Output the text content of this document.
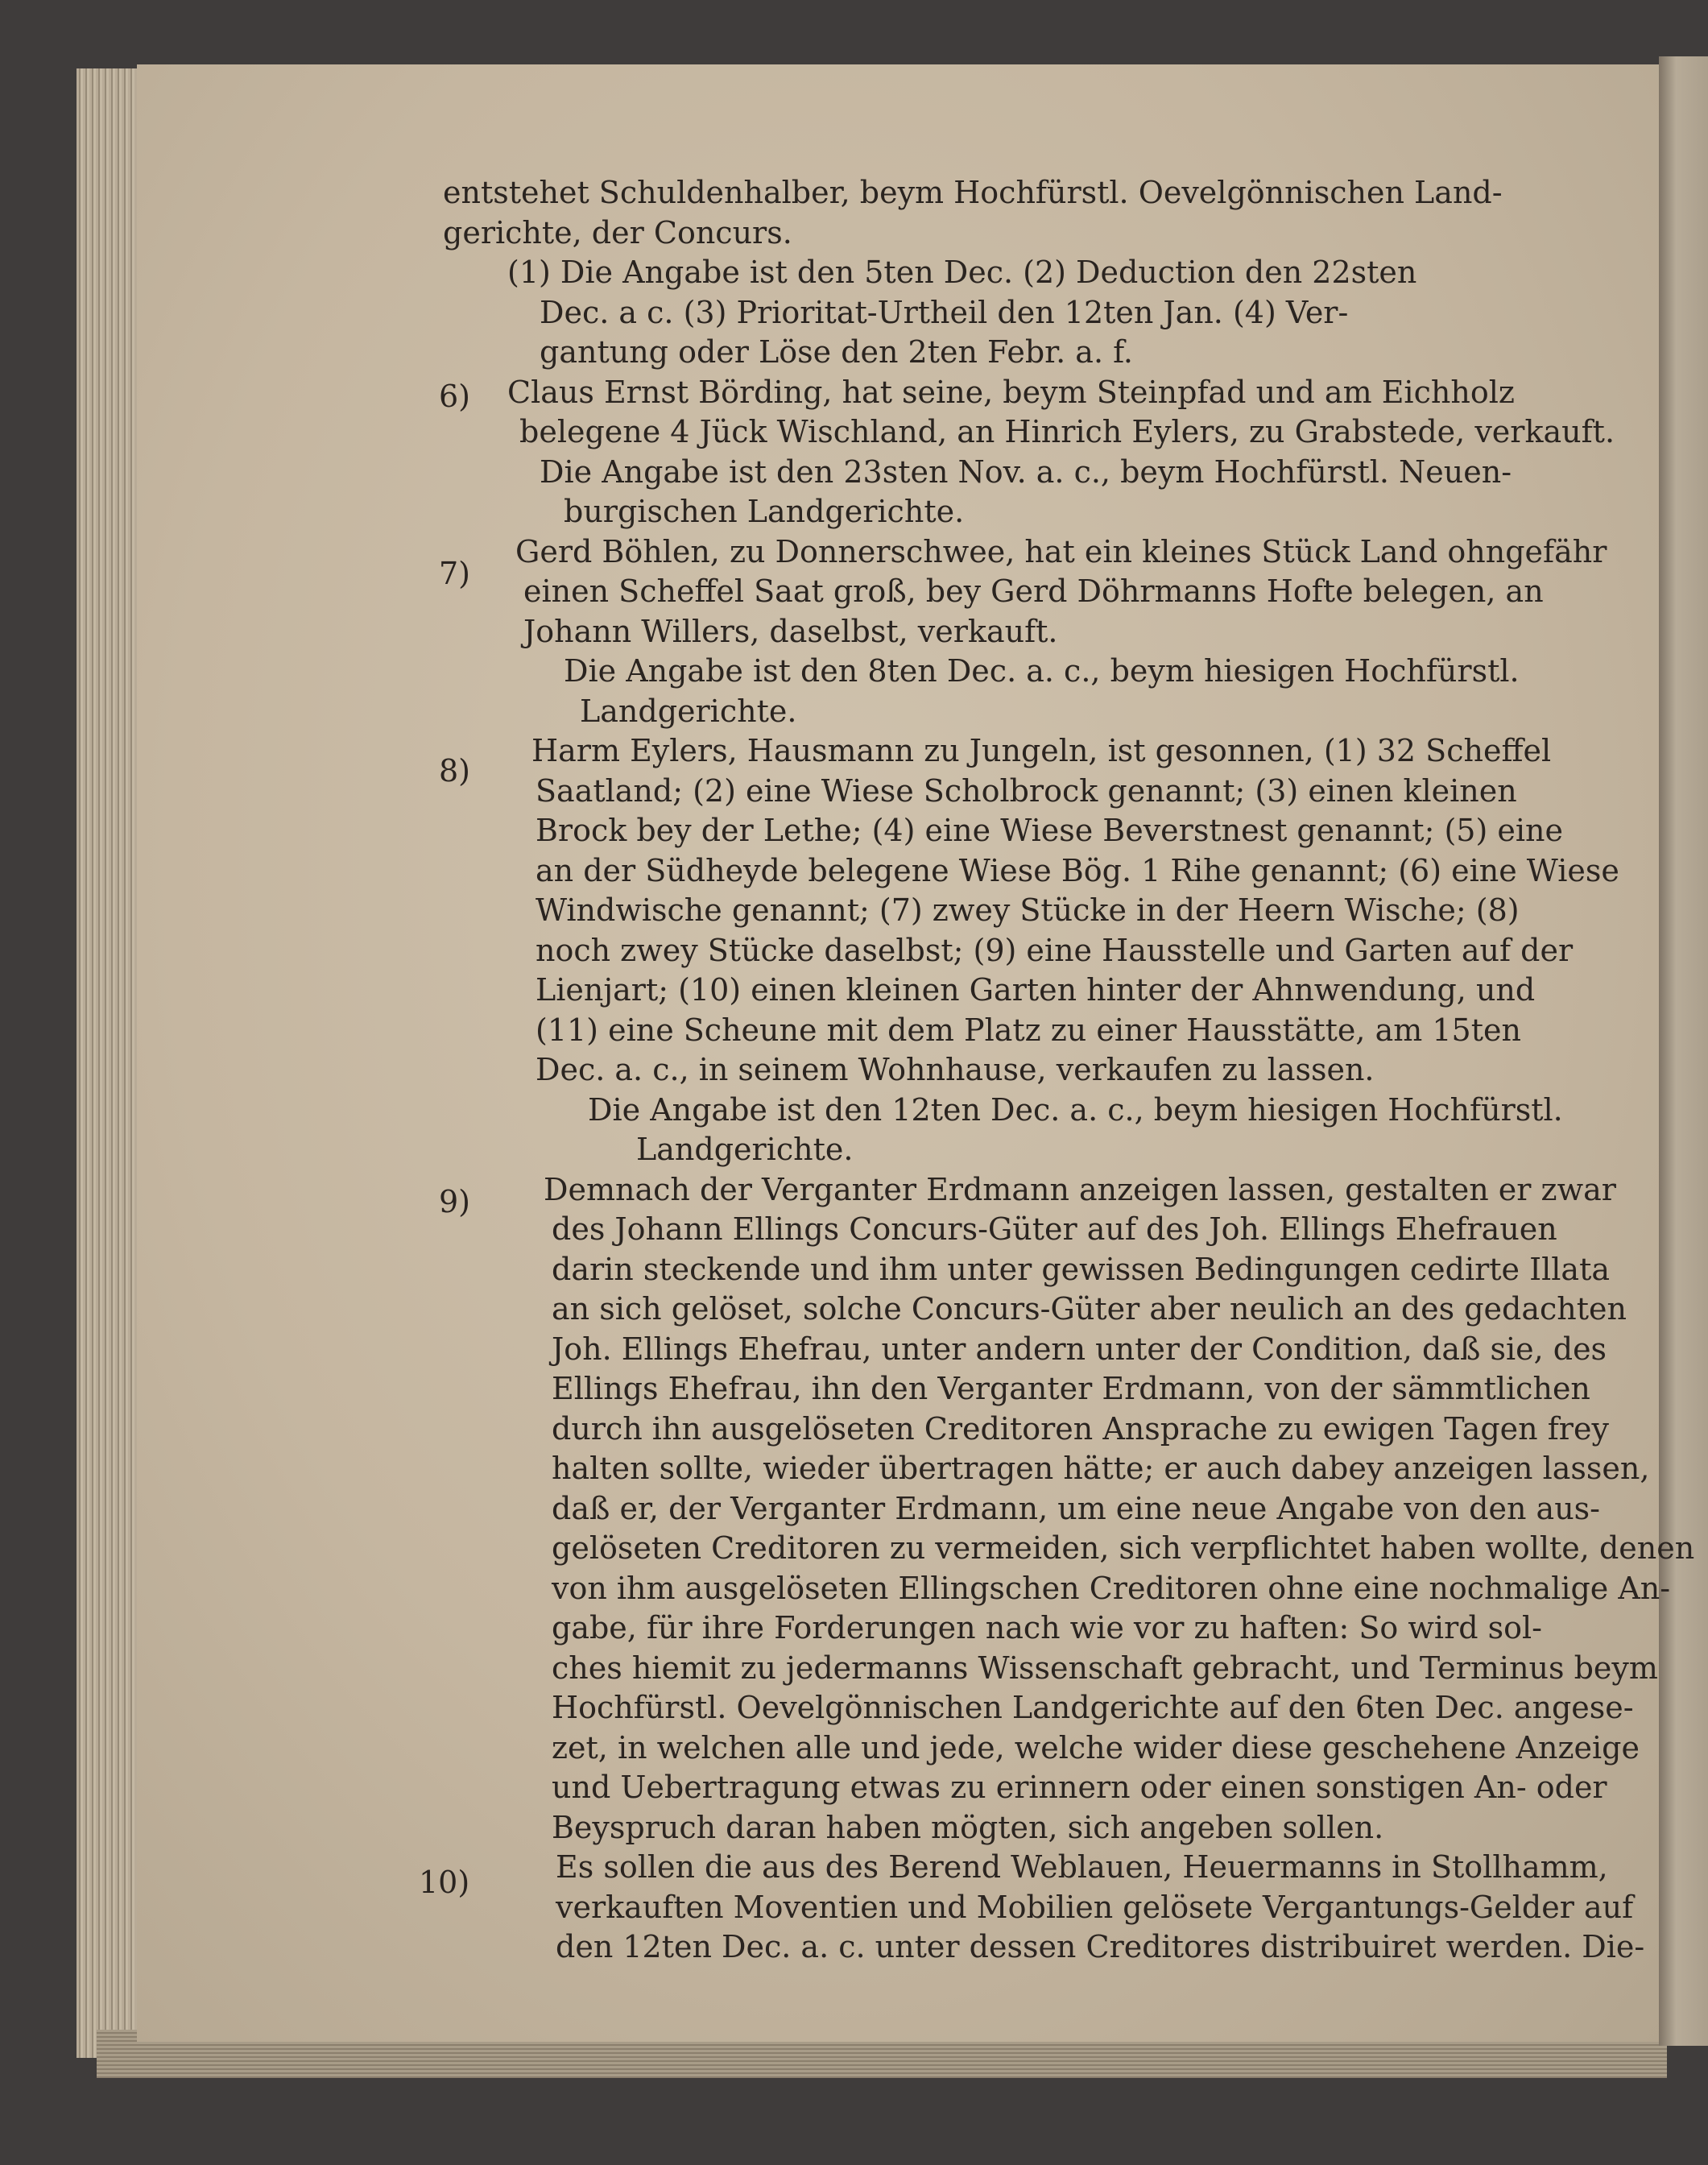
6)
7)
8)
9)
10)
entstehet Schuldenhalber, beym Hochfürstl. Oevelgönnischen Land-
gerichte, der Concurs.
(1) Die Angabe ist den 5ten Dec. (2) Deduction den 22sten
Dec. a c. (3) Prioritat-Urtheil den 12ten Jan. (4) Ver-
gantung oder Löse den 2ten Febr. a. f.
Claus Ernst Börding, hat seine, beym Steinpfad und am Eichholz
belegene 4 Jück Wischland, an Hinrich Eylers, zu Grabstede, verkauft.
Die Angabe ist den 23sten Nov. a. c., beym Hochfürstl. Neuen-
burgischen Landgerichte.
Gerd Böhlen, zu Donnerschwee, hat ein kleines Stück Land ohngefähr
einen Scheffel Saat groß, bey Gerd Döhrmanns Hofte belegen, an
Johann Willers, daselbst, verkauft.
Die Angabe ist den 8ten Dec. a. c., beym hiesigen Hochfürstl.
Landgerichte.
Harm Eylers, Hausmann zu Jungeln, ist gesonnen, (1) 32 Scheffel
Saatland; (2) eine Wiese Scholbrock genannt; (3) einen kleinen
Brock bey der Lethe; (4) eine Wiese Beverstnest genannt; (5) eine
an der Südheyde belegene Wiese Bög. 1 Rihe genannt; (6) eine Wiese
Windwische genannt; (7) zwey Stücke in der Heern Wische; (8)
noch zwey Stücke daselbst; (9) eine Hausstelle und Garten auf der
Lienjart; (10) einen kleinen Garten hinter der Ahnwendung, und
(11) eine Scheune mit dem Platz zu einer Hausstätte, am 15ten
Dec. a. c., in seinem Wohnhause, verkaufen zu lassen.
Die Angabe ist den 12ten Dec. a. c., beym hiesigen Hochfürstl.
Landgerichte.
Demnach der Verganter Erdmann anzeigen lassen, gestalten er zwar
des Johann Ellings Concurs-Güter auf des Joh. Ellings Ehefrauen
darin steckende und ihm unter gewissen Bedingungen cedirte Illata
an sich gelöset, solche Concurs-Güter aber neulich an des gedachten
Joh. Ellings Ehefrau, unter andern unter der Condition, daß sie, des
Ellings Ehefrau, ihn den Verganter Erdmann, von der sämmtlichen
durch ihn ausgelöseten Creditoren Ansprache zu ewigen Tagen frey
halten sollte, wieder übertragen hätte; er auch dabey anzeigen lassen,
daß er, der Verganter Erdmann, um eine neue Angabe von den aus-
gelöseten Creditoren zu vermeiden, sich verpflichtet haben wollte, denen
von ihm ausgelöseten Ellingschen Creditoren ohne eine nochmalige An-
gabe, für ihre Forderungen nach wie vor zu haften: So wird sol-
ches hiemit zu jedermanns Wissenschaft gebracht, und Terminus beym
Hochfürstl. Oevelgönnischen Landgerichte auf den 6ten Dec. angese-
zet, in welchen alle und jede, welche wider diese geschehene Anzeige
und Uebertragung etwas zu erinnern oder einen sonstigen An- oder
Beyspruch daran haben mögten, sich angeben sollen.
Es sollen die aus des Berend Weblauen, Heuermanns in Stollhamm,
verkauften Moventien und Mobilien gelösete Vergantungs-Gelder auf
den 12ten Dec. a. c. unter dessen Creditores distribuiret werden. Die-
